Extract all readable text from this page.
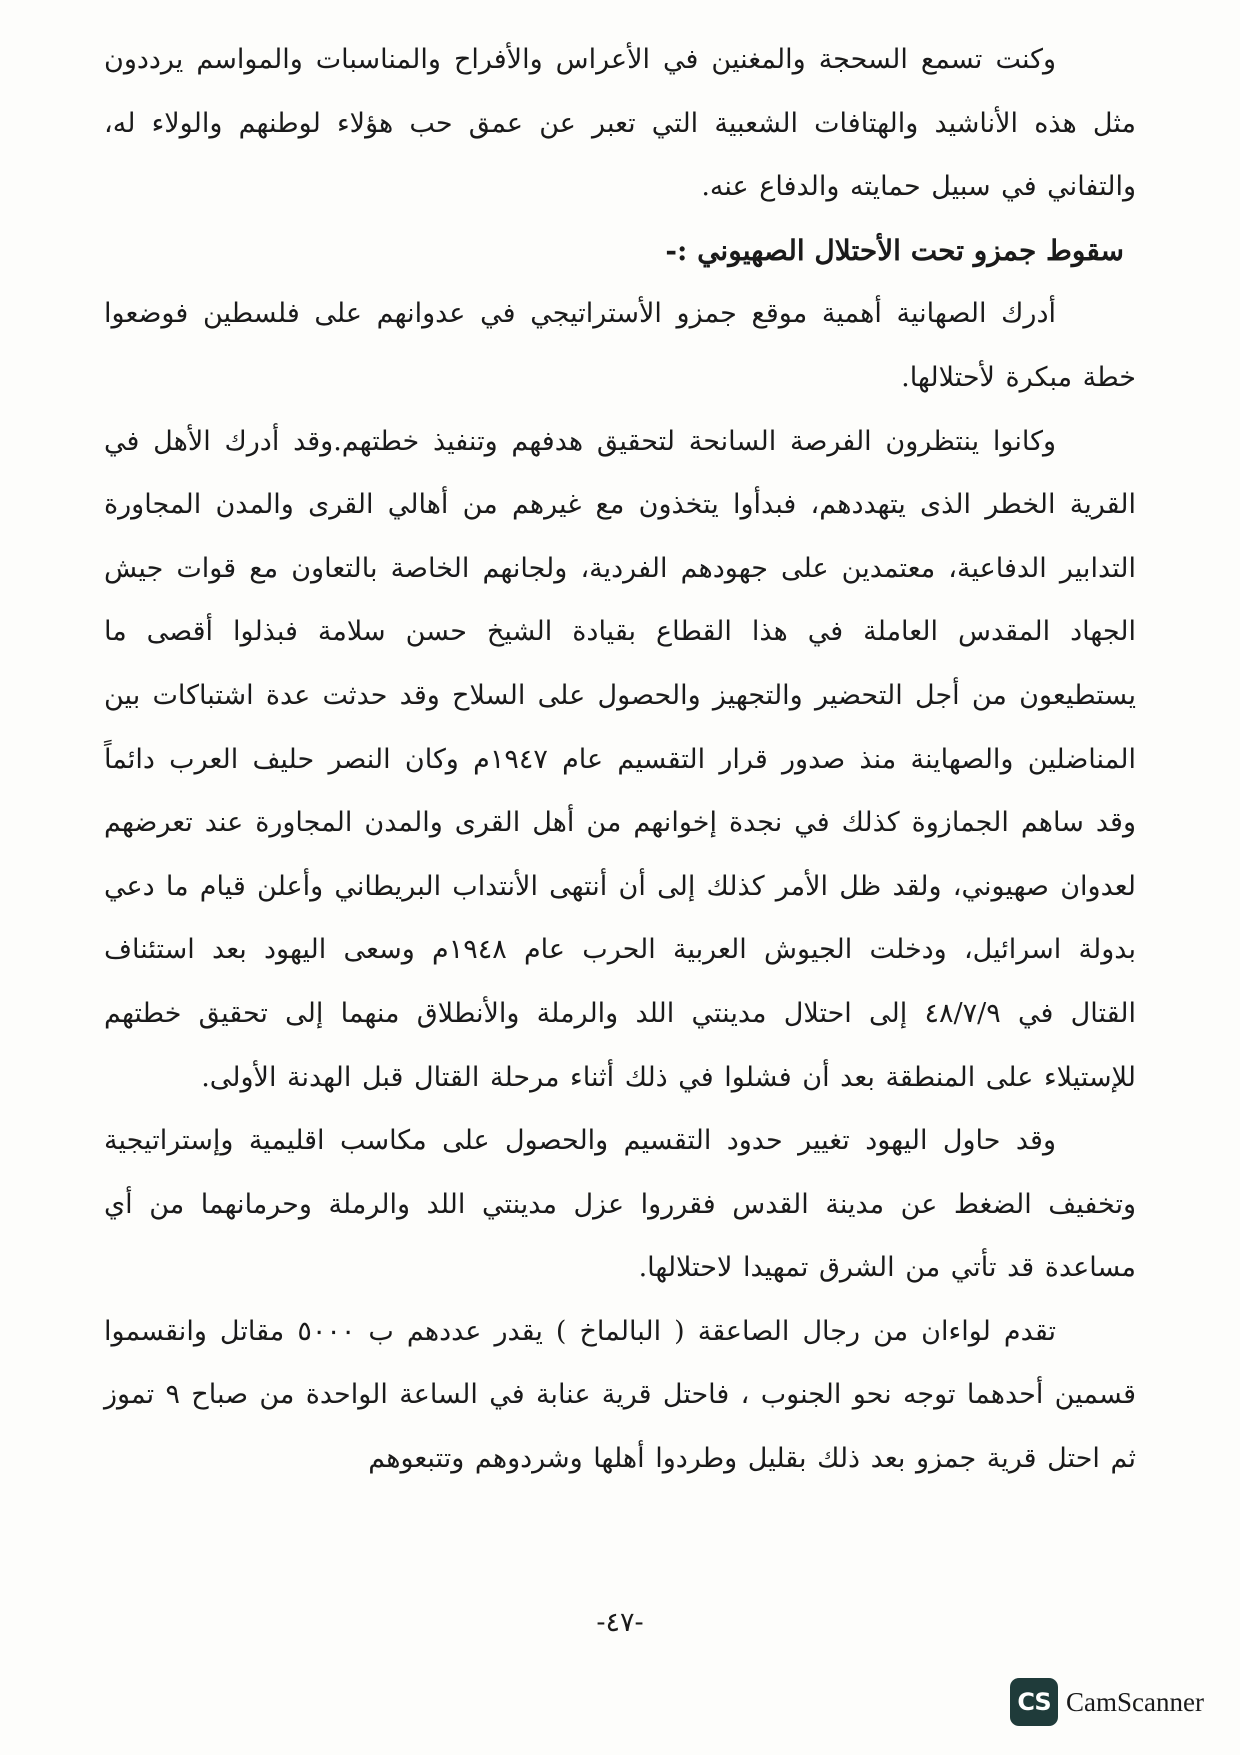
وكنت تسمع السحجة والمغنين في الأعراس والأفراح والمناسبات والمواسم يرددون مثل هذه الأناشيد والهتافات الشعبية التي تعبر عن عمق حب هؤلاء لوطنهم والولاء له، والتفاني في سبيل حمايته والدفاع عنه.

سقوط جمزو تحت الأحتلال الصهيوني :-

أدرك الصهانية أهمية موقع جمزو الأستراتيجي في عدوانهم على فلسطين فوضعوا خطة مبكرة لأحتلالها.

وكانوا ينتظرون الفرصة السانحة لتحقيق هدفهم وتنفيذ خطتهم.وقد أدرك الأهل في القرية الخطر الذى يتهددهم، فبدأوا يتخذون مع غيرهم من أهالي القرى والمدن المجاورة التدابير الدفاعية، معتمدين على جهودهم الفردية، ولجانهم الخاصة بالتعاون مع قوات جيش الجهاد المقدس العاملة في هذا القطاع بقيادة الشيخ حسن سلامة فبذلوا أقصى ما يستطيعون من أجل التحضير والتجهيز والحصول على السلاح وقد حدثت عدة اشتباكات بين المناضلين والصهاينة منذ صدور قرار التقسيم عام ١٩٤٧م وكان النصر حليف العرب دائماً وقد ساهم الجمازوة كذلك في نجدة إخوانهم من أهل القرى والمدن المجاورة عند تعرضهم لعدوان صهيوني، ولقد ظل الأمر كذلك إلى أن أنتهى الأنتداب البريطاني وأعلن قيام ما دعي بدولة اسرائيل، ودخلت الجيوش العربية الحرب عام ١٩٤٨م وسعى اليهود بعد استئناف القتال في ٤٨/٧/٩ إلى احتلال مدينتي اللد والرملة والأنطلاق منهما إلى تحقيق خطتهم للإستيلاء على المنطقة بعد أن فشلوا في ذلك أثناء مرحلة القتال قبل الهدنة الأولى.

وقد حاول اليهود تغيير حدود التقسيم والحصول على مكاسب اقليمية وإستراتيجية وتخفيف الضغط عن مدينة القدس فقرروا عزل مدينتي اللد والرملة وحرمانهما من أي مساعدة قد تأتي من الشرق تمهيدا لاحتلالها.

تقدم لواءان من رجال الصاعقة ( البالماخ ) يقدر عددهم ب ٥٠٠٠ مقاتل وانقسموا قسمين أحدهما توجه نحو الجنوب ، فاحتل قرية عنابة في الساعة الواحدة من صباح ٩ تموز ثم احتل قرية جمزو بعد ذلك بقليل وطردوا أهلها وشردوهم وتتبعوهم

-٤٧-
CS CamScanner
